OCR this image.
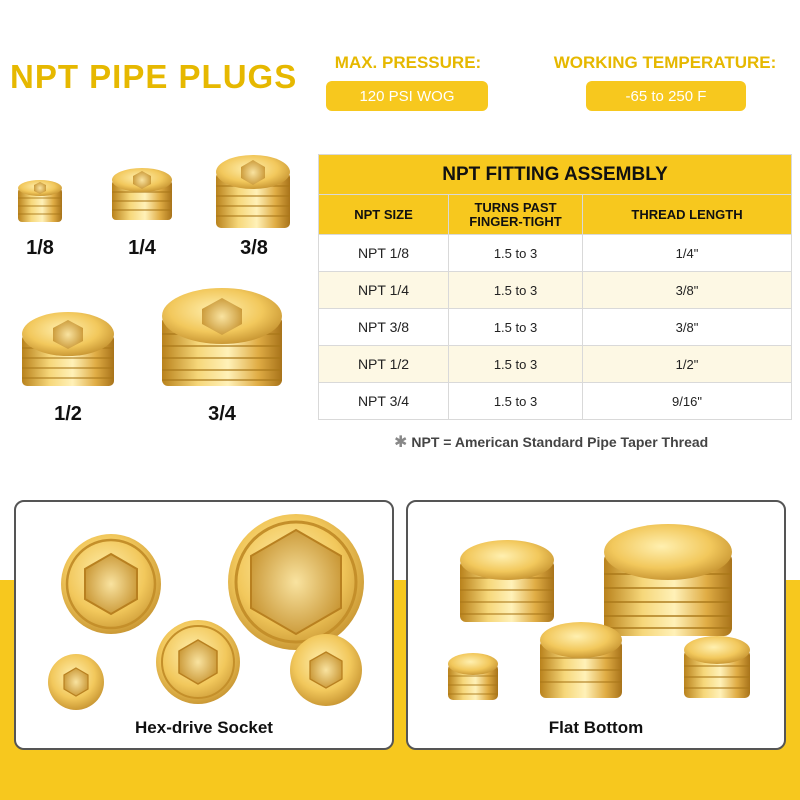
NPT PIPE PLUGS	MAX. PRESSURE:
120 PSI WOG
WORKING TEMPERATURE:
-65 to 250 F
1/8	1/4	3/8
1/2	3/4
NPT FITTING ASSEMBLY		
NPT SIZE	TURNS PAST
FINGER-TIGHT	THREAD LENGTH
NPT 1/8	1.5 to 3	1/4"
NPT 1/4	1.5 to 3	3/8"
NPT 3/8	1.5 to 3	3/8"
NPT 1/2	1.5 to 3	1/2"
NPT 3/4	1.5 to 3	9/16"
✱ NPT = American Standard Pipe Taper Thread
Hex-drive Socket	Flat Bottom
